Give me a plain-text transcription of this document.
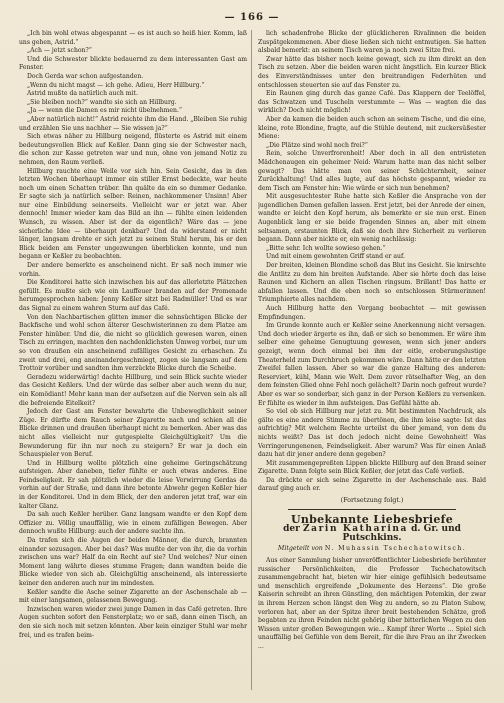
— 166 —

„Ich bin wohl etwas abgespannt — es ist auch so heiß hier. Komm, laß uns gehen, Astrid.“

„Ach — jetzt schon?“

Und die Schwester blickte bedauernd zu dem interessanten Gast am Fenster.

Doch Gerda war schon aufgestanden.

„Wenn du nicht magst — ich gehe. Adieu, Herr Hillburg.“

Astrid mußte da natürlich auch mit.

„Sie bleiben noch?“ wandte sie sich an Hillburg.

„Ja — wenn die Damen es mir nicht übelnehmen.“

„Aber natürlich nicht!“ Astrid reichte ihm die Hand. „Bleiben Sie ruhig und erzählen Sie uns nachher — Sie wissen ja?“

Sich etwas näher zu Hillburg neigend, flüsterte es Astrid mit einem bedeutungsvollen Blick auf Keßler. Dann ging sie der Schwester nach, die schon zur Kasse getreten war und nun, ohne von jemand Notiz zu nehmen, den Raum verließ.

Hillburg rauchte eine Weile vor sich hin. Sein Gesicht, das in den letzten Wochen überhaupt immer ein stiller Ernst bedeckte, war heute noch um einen Schatten trüber. Ihn quälte da ein so dummer Gedanke. Er sagte sich ja natürlich selber: Reinen, nachkommener Unsinn! Aber nur eine Einbildung seinerseits. Vielleicht war er jetzt war. Aber dennoch! Immer wieder kam das Bild an ihn — fühlte einen leidenden Wunsch, zu wissen. Aber ist der da eigentlich? Wäre das — jene sicherliche Idee — überhaupt denkbar? Und da widerstand er nicht länger, langsam drehte er sich jetzt zu seinem Stuhl herum, bis er den Blick beiden am Fenster ungezwungen überblicken konnte, und nun begann er Keßler zu beobachten.

Der andere bemerkte es anscheinend nicht. Er saß noch immer wie vorhin.

Die Konditorei hatte sich inzwischen bis auf das allerletzte Plätzchen gefüllt. Es mußte sich wie ein Lauffeuer branden auf der Promenade herumgesprochen haben: Jenny Keßler sitzt bei Radmüller! Und es war das Signal zu einem wahren Sturm auf das Café.

Von den Nachbartischen glitten immer die sehnsüchtigen Blicke der Backfische und wohl schon älterer Geschwisterinnen zu dem Platze am Fenster hinüber. Und die, die nicht so glücklich gewesen waren, einen Tisch zu erringen, machten den nachdenklichsten Umweg vorbei, nur um so von draußen ein anscheinend zufälliges Gesicht zu erhaschen. Zu zweit und drei, eng aneinandergeschmiegt, zogen sie langsam auf dem Trottoir vorüber und sandten ihm verzückte Blicke durch die Scheibe.

Geradezu widerwärtig! dachte Hillburg, und sein Blick suchte wieder das Gesicht Keßlers. Und der würde das selber aber auch wenn du nur, ein Komödiant! Mehr kann man der aufsetzen auf die Nerven sein als all die befreiende Eitelkeit?

Jedoch der Gast am Fenster bewahrte die Unbeweglichkeit seiner Züge. Er dürfte dem Rauch seiner Zigarette nach und schien all die Blicke drinnen und draußen überhaupt nicht zu bemerken. Aber was das nicht alles vielleicht nur gutgespielte Gleichgültigkeit? Um die Bewunderung für ihn nur noch zu steigern? Er war ja doch ein Schauspieler von Beruf.

Und in Hillburg wollte plötzlich eine geheime Geringschätzung aufsteigen. Aber daneben, tiefer fühlte er auch etwas anderes. Eine Feindseligkeit. Er sah plötzlich wieder die leise Verwirrung Gerdas da vorhin auf der Straße, und dann ihre betonte Abwehr gegen Keßler hier in der Konditorei. Und in dem Blick, der den anderen jetzt traf, war ein kalter Glanz.

Da sah auch Keßler herüber. Ganz langsam wandte er den Kopf dem Offizier zu. Völlig unauffällig, wie in einem zufälligen Bewegen. Aber dennoch wußte Hillburg: auch der andere suchte ihn.

Da trafen sich die Augen der beiden Männer, die durch, brannten einander sozusagen. Aber bei das? Was mußte der von ihr, die da vorhin zwischen uns war? Half da ein Recht auf sie? Und welches? Nur einen Moment lang währte dieses stumme Fragen; dann wandten beide die Blicke wieder von sich ab. Gleichgültig anscheinend, als interessierte keiner den anderen auch nur im mindesten.

Keßler sandte die Asche seiner Zigarette an der Aschenschale ab — mit einer langsamen, gelassenen Bewegung.

Inzwischen waren wieder zwei junge Damen in das Café getreten. Ihre Augen suchten sofort den Fensterplatz; wo er saß, dann einen Tisch, an den sie sich noch mit setzen könnten. Aber kein einziger Stuhl war mehr frei, und es trafen beim-

lich schadenfrohe Blicke der glücklicheren Rivalinnen die beiden Zuspätgekommenen. Aber diese ließen sich nicht entmutigen. Sie hatten alsbald bemerkt: an seinem Tisch waren ja noch zwei Sitze frei.

Zwar hätte das bisher noch keine gewagt, sich zu ihm direkt an den Tisch zu setzen. Aber die beiden waren nicht ängstlich. Ein kurzer Blick des Einverständnisses unter den breitrandigen Federhüten und entschlossen steuerten sie auf das Fenster zu.

Ein Raunen ging durch das ganze Café. Das Klappern der Teelöffel, das Schwatzen und Tuscheln verstummte — Was — wagten die das wirklich? Doch nicht möglich!

Aber da kamen die beiden auch schon an seinem Tische, und die eine, kleine, rote Blondine, fragte, auf die Stühle deutend, mit zuckersüßester Miene:

„Die Plätze sind wohl noch frei?“

Rein, solche Unverfrorenheit! Aber doch in all den entrüsteten Mädchenaugen ein geheimer Neid: Warum hatte man das nicht selber gewagt? Das hätte man von seiner Schüchternheit, seiner Zurückhaltung! Und alles lugte, auf das höchste gespannt, wieder zu dem Tisch am Fenster hin: Wie würde er sich nun benehmen?

Mit ausgesuchtester Ruhe hatte sich Keßler die Ansprache von der jugendlichen Damen gefallen lassen. Erst jetzt, bei der Anrede der einen, wandte er leicht den Kopf herum, als bemerkte er sie nun erst. Einen Augenblick lang er sie beide fragenden Sinnes an, aber mit einem seltsamen, erstaunten Blick, daß sie doch ihre Sicherheit zu verlieren begann. Dann aber nickte er, ein wenig nachlässig:

„Bitte sehr. Ich wollte sowieso gehen.“

Und mit einem gewohnten Griff stand er auf.

Der breiten, kleinen Blondine schoß das Blut ins Gesicht. Sie knirschte die Antlitz zu dem hin breiten Aufstande. Aber sie hörte doch das leise Raunen und Kichern an allen Tischen ringsum. Brillant! Das hatte er abfallen lassen. Und die eben noch so entschlossen Stürmerinnen! Triumphierte alles nachdem.

Auch Hillburg hatte den Vorgang beobachtet — mit gewissen Empfindungen.

Im Grunde konnte auch er Keßler seine Anerkennung nicht versagen. Und doch wieder ärgerte es ihn, daß er sich so benommen. Er wäre ihm selber eine geheime Genugtuung gewesen, wenn sich jener anders gezeigt, wenn doch einmal bei ihm der eitle, eroberungslustige Theaterheld zum Durchbruch gekommen wäre. Dann hätte er den letzten Zweifel fallen lassen. Aber so war die ganze Haltung des anderen: Reserviert, kühl, Mann wie Welt. Dem zuvor rätselhafter Weg, an den dem feinsten Glied ohne Fehl noch gelächelt? Darin noch gefreut wurde? Aber es war so sonderbar, sich ganz in der Person Keßlers zu versenken. Er fühlte es wieder in ihm aufsteigen. Das Gefühl hätte ab.

So viel ob sich Hillburg nur jetzt zu. Mit bestimmten Nachdruck, als gälte es eine andere Stimme zu übertönen, die ihm leise sagte: Ist das aufrichtig? Mit welchem Rechte urteilst du über jemand, von dem du nichts weißt? Das ist doch jedoch nicht deine Gewohnheit! Was Verringerungenenen, Feindseligkeit. Aber warum? Was für einen Anlaß dazu hat dir jener andere denn gegeben?

Mit zusammengepreßten Lippen blickte Hillburg auf den Brand seiner Zigarette. Dann folgte sein Blick Keßler, der jetzt das Café verließ.

Da drückte er sich seine Zigarette in der Aschenschale aus. Bald darauf ging auch er.

(Fortsetzung folgt.)
Unbekannte Liebesbriefe
der Zarin Katharina d. Gr. und Putschkins.
Mitgeteilt von N. Muhassin Tschechatowitsch.

Aus einer Sammlung bisher unveröffentlichter Liebesbriefe berühmter russischer Persönlichkeiten, die Professor Tschechatowitsch zusammengebracht hat, bieten wir hier einige gefühlsich bedeutsame und menschlich ergreifende „Dokumente des Herzens“. Die große Kaiserin schreibt an ihren Günstling, den mächtigen Potemkin, der zwar in ihrem Herzen schon längst den Weg zu andern, so zu Platon Subow, verloren hat, aber an der Spitze ihrer breit bestehenden Schätze, groß begabten zu ihren Feinden nicht gehörig über bitterlichen Wegen zu den Wissen unter großen Bewegungen wie... Kampf ihrer Worte ... Spiel sich unauffällig bei Gefühle von dem Bereit, für die ihre Frau an ihr Zwecken ...
